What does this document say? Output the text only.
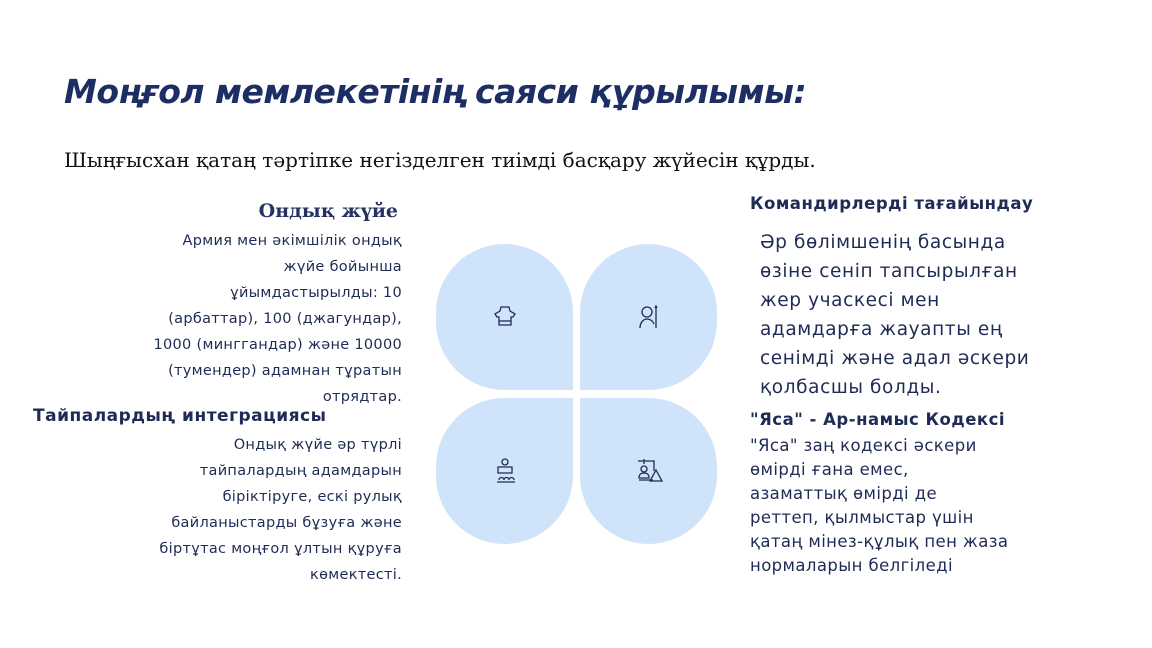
Моңғол мемлекетінің саяси құрылымы:
Шыңғысхан қатаң тәртіпке негізделген тиімді басқару жүйесін құрды.
Ондық жүйе
Армия мен әкімшілік ондық
жүйе бойынша
ұйымдастырылды: 10
(арбаттар), 100 (джагундар),
1000 (минггандар) және 10000
(тумендер) адамнан тұратын
отрядтар.
Тайпалардың интеграциясы
Ондық жүйе әр түрлі
тайпалардың адамдарын
біріктіруге, ескі рулық
байланыстарды бұзуға және
біртұтас моңғол ұлтын құруға
көмектесті.
Командирлерді тағайындау
Әр бөлімшенің басында
өзіне сеніп тапсырылған
жер учаскесі мен
адамдарға жауапты ең
сенімді және адал әскери
қолбасшы болды.
"Яса" - Ар-намыс Кодексі
"Яса" заң кодексі әскери
өмірді ғана емес,
азаматтық өмірді де
реттеп, қылмыстар үшін
қатаң мінез-құлық пен жаза
нормаларын белгіледі
